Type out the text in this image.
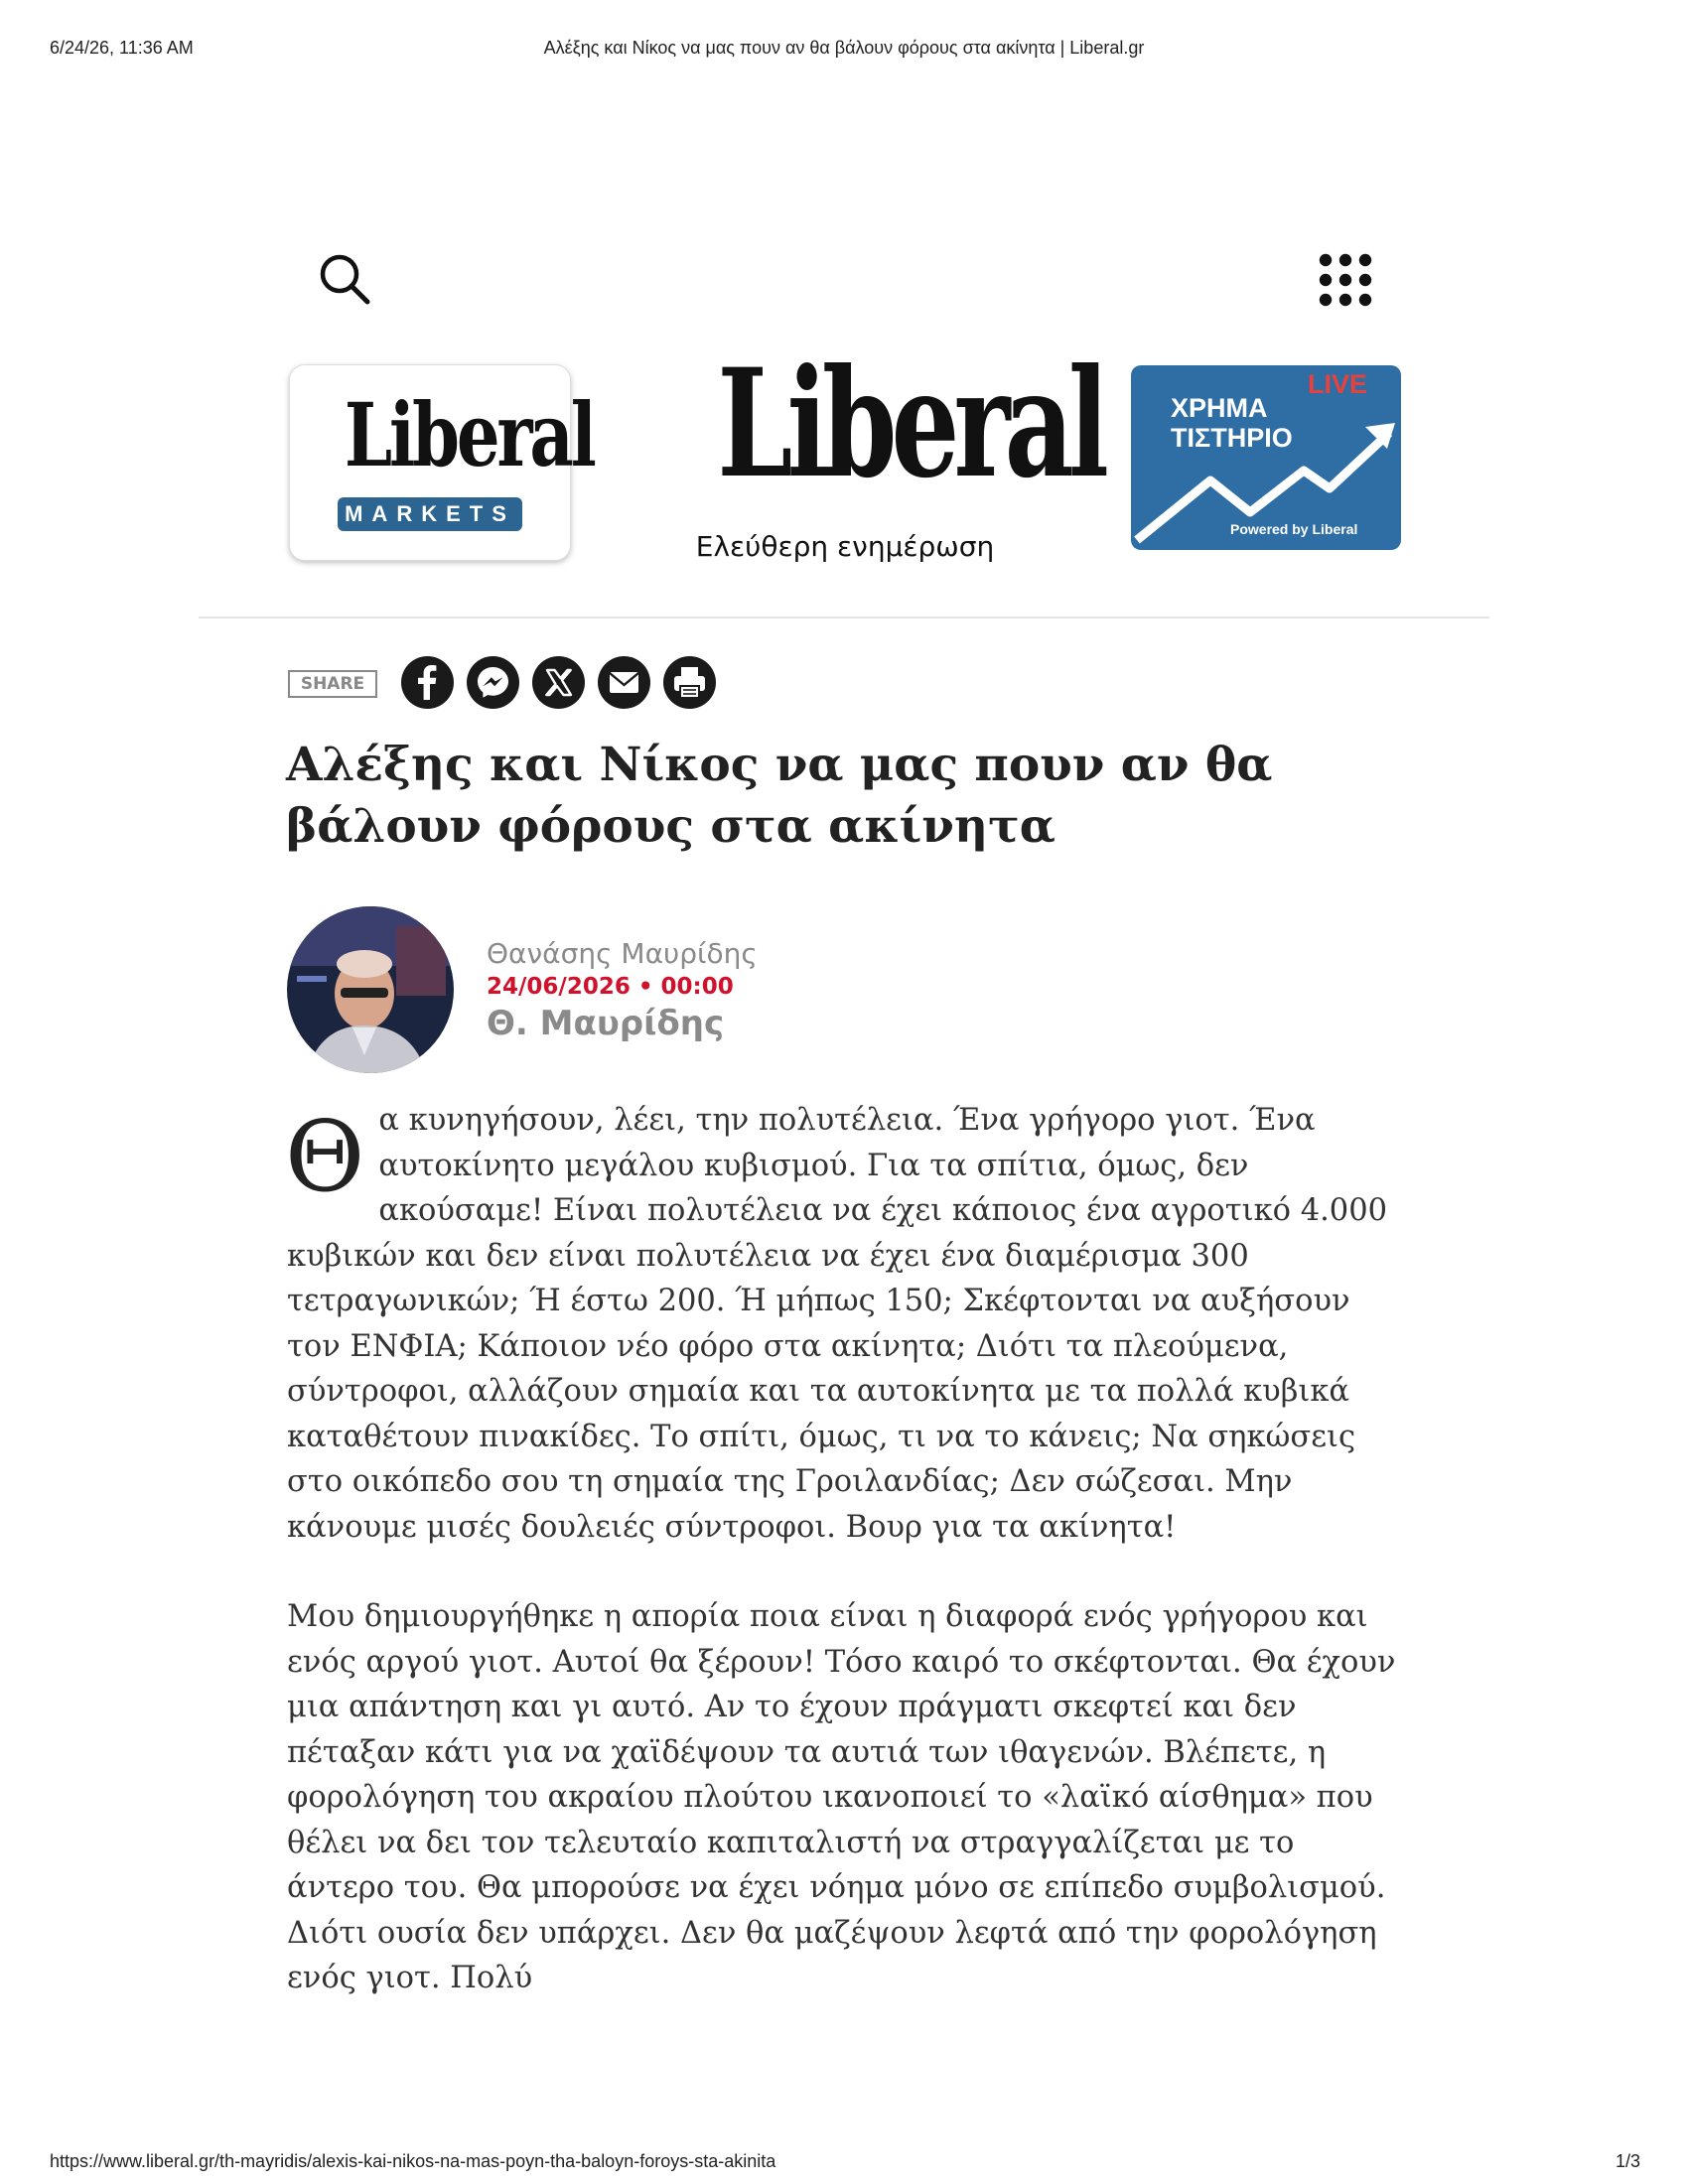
6/24/26, 11:36 AM	Αλέξης και Νίκος να μας πουν αν θα βάλουν φόρους στα ακίνητα | Liberal.gr
Liberal
MARKETS
Liberal
Ελεύθερη ενημέρωση
LIVE
ΧΡΗΜΑ
ΤΙΣΤΗΡΙΟ
Powered by Liberal
SHARE
Αλέξης και Νίκος να μας πουν αν θα βάλουν φόρους στα ακίνητα
Θανάσης Μαυρίδης
24/06/2026 • 00:00
Θ. Μαυρίδης

Θα κυνηγήσουν, λέει, την πολυτέλεια. Ένα γρήγορο γιοτ. Ένα αυτοκίνητο μεγάλου κυβισμού. Για τα σπίτια, όμως, δεν ακούσαμε! Είναι πολυτέλεια να έχει κάποιος ένα αγροτικό 4.000 κυβικών και δεν είναι πολυτέλεια να έχει ένα διαμέρισμα 300 τετραγωνικών; Ή έστω 200. Ή μήπως 150; Σκέφτονται να αυξήσουν τον ΕΝΦΙΑ; Κάποιον νέο φόρο στα ακίνητα; Διότι τα πλεούμενα, σύντροφοι, αλλάζουν σημαία και τα αυτοκίνητα με τα πολλά κυβικά καταθέτουν πινακίδες. Το σπίτι, όμως, τι να το κάνεις; Να σηκώσεις στο οικόπεδο σου τη σημαία της Γροιλανδίας; Δεν σώζεσαι. Μην κάνουμε μισές δουλειές σύντροφοι. Βουρ για τα ακίνητα!

Μου δημιουργήθηκε η απορία ποια είναι η διαφορά ενός γρήγορου και ενός αργού γιοτ. Αυτοί θα ξέρουν! Τόσο καιρό το σκέφτονται. Θα έχουν μια απάντηση και γι αυτό. Αν το έχουν πράγματι σκεφτεί και δεν πέταξαν κάτι για να χαϊδέψουν τα αυτιά των ιθαγενών. Βλέπετε, η φορολόγηση του ακραίου πλούτου ικανοποιεί το «λαϊκό αίσθημα» που θέλει να δει τον τελευταίο καπιταλιστή να στραγγαλίζεται με το άντερο του. Θα μπορούσε να έχει νόημα μόνο σε επίπεδο συμβολισμού. Διότι ουσία δεν υπάρχει. Δεν θα μαζέψουν λεφτά από την φορολόγηση ενός γιοτ. Πολύ

https://www.liberal.gr/th-mayridis/alexis-kai-nikos-na-mas-poyn-tha-baloyn-foroys-sta-akinita	1/3
